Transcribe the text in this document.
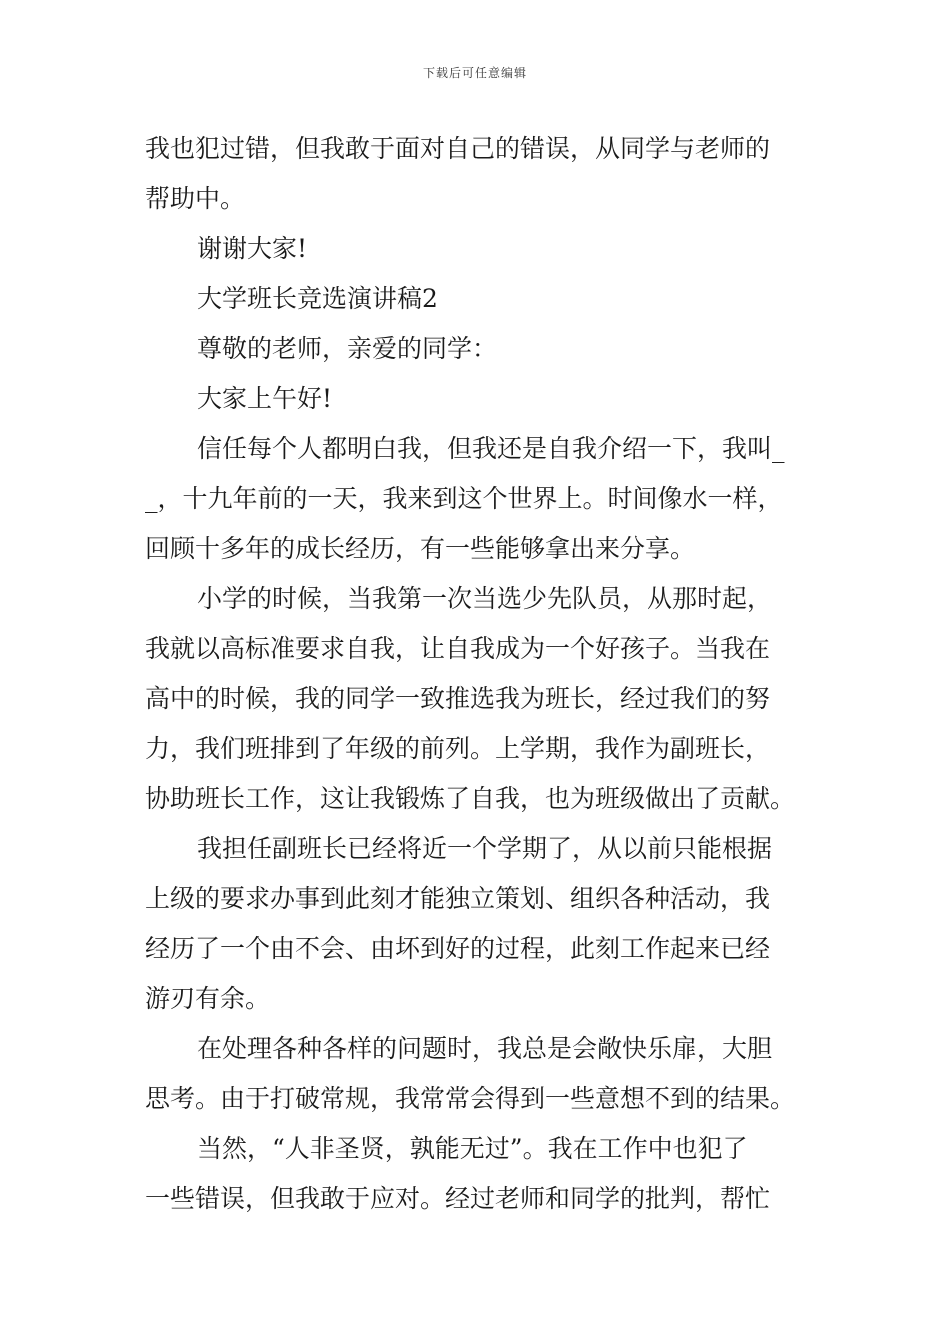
下载后可任意编辑
我也犯过错，但我敢于面对自己的错误，从同学与老师的
帮助中。
谢谢大家!
大学班长竞选演讲稿2
尊敬的老师，亲爱的同学：
大家上午好!
信任每个人都明白我，但我还是自我介绍一下，我叫_
_，十九年前的一天，我来到这个世界上。时间像水一样，
回顾十多年的成长经历，有一些能够拿出来分享。
小学的时候，当我第一次当选少先队员，从那时起，
我就以高标准要求自我，让自我成为一个好孩子。当我在
高中的时候，我的同学一致推选我为班长，经过我们的努
力，我们班排到了年级的前列。上学期，我作为副班长，
协助班长工作，这让我锻炼了自我，也为班级做出了贡献。
我担任副班长已经将近一个学期了，从以前只能根据
上级的要求办事到此刻才能独立策划、组织各种活动，我
经历了一个由不会、由坏到好的过程，此刻工作起来已经
游刃有余。
在处理各种各样的问题时，我总是会敞快乐扉，大胆
思考。由于打破常规，我常常会得到一些意想不到的结果。
当然，“人非圣贤，孰能无过”。我在工作中也犯了
一些错误，但我敢于应对。经过老师和同学的批判，帮忙
